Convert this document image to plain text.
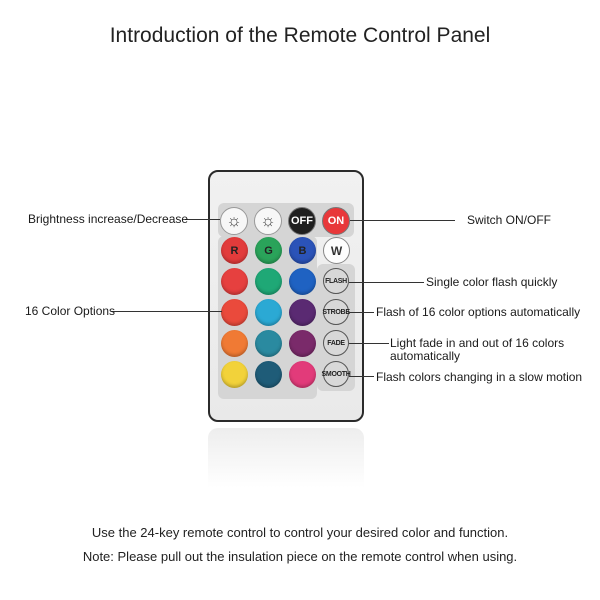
Introduction of the Remote Control Panel
☼ ☼ OFF	ON
R	G	B	W
FLASH
STROBE
FADE
SMOOTH
Brightness increase/Decrease	Switch ON/OFF
16 Color Options
Single color flash quickly
Flash of 16 color options automatically
Light fade in and out of 16 colors
automatically
Flash colors changing in a slow motion
Use the 24-key remote control to control your desired color and function.
Note: Please pull out the insulation piece on the remote control when using.
